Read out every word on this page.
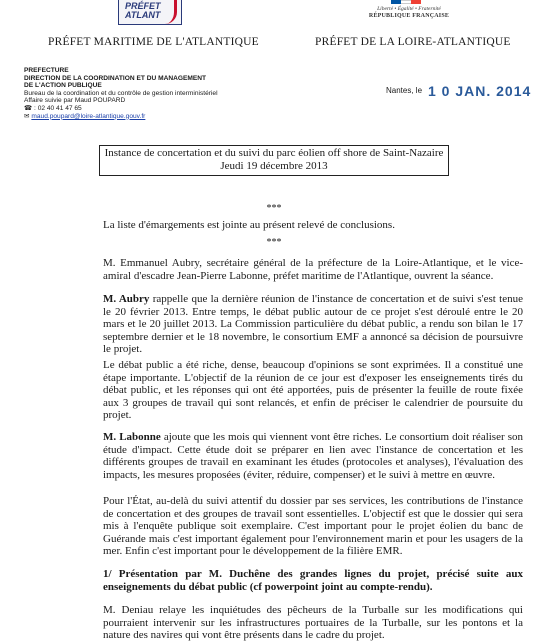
PRÉFET ATLANT
Liberté • Égalité • Fraternité
RÉPUBLIQUE FRANÇAISE
PRÉFET MARITIME DE L'ATLANTIQUE	PRÉFET DE LA LOIRE-ATLANTIQUE
PREFECTURE
DIRECTION DE LA COORDINATION ET DU MANAGEMENT
DE L'ACTION PUBLIQUE
Bureau de la coordination et du contrôle de gestion interministériel
Affaire suivie par Maud POUPARD
☎ : 02 40 41 47 65
✉ maud.poupard@loire-atlantique.gouv.fr
Nantes, le 1 0 JAN. 2014
Instance de concertation et du suivi du parc éolien off shore de Saint-Nazaire
Jeudi 19 décembre 2013
***
La liste d'émargements est jointe au présent relevé de conclusions.
***
M. Emmanuel Aubry, secrétaire général de la préfecture de la Loire-Atlantique, et le vice-amiral d'escadre Jean-Pierre Labonne, préfet maritime de l'Atlantique, ouvrent la séance.
M. Aubry rappelle que la dernière réunion de l'instance de concertation et de suivi s'est tenue le 20 février 2013. Entre temps, le débat public autour de ce projet s'est déroulé entre le 20 mars et le 20 juillet 2013. La Commission particulière du débat public, a rendu son bilan le 17 septembre dernier et le 18 novembre, le consortium EMF a annoncé sa décision de poursuivre le projet.
Le débat public a été riche, dense, beaucoup d'opinions se sont exprimées. Il a constitué une étape importante. L'objectif de la réunion de ce jour est d'exposer les enseignements tirés du débat public, et les réponses qui ont été apportées, puis de présenter la feuille de route fixée aux 3 groupes de travail qui sont relancés, et enfin de préciser le calendrier de poursuite du projet.
M. Labonne ajoute que les mois qui viennent vont être riches. Le consortium doit réaliser son étude d'impact. Cette étude doit se préparer en lien avec l'instance de concertation et les différents groupes de travail en examinant les études (protocoles et analyses), l'évaluation des impacts, les mesures proposées (éviter, réduire, compenser) et le suivi à mettre en œuvre.
Pour l'État, au-delà du suivi attentif du dossier par ses services, les contributions de l'instance de concertation et des groupes de travail sont essentielles. L'objectif est que le dossier qui sera mis à l'enquête publique soit exemplaire. C'est important pour le projet éolien du banc de Guérande mais c'est important également pour l'environnement marin et pour les usagers de la mer. Enfin c'est important pour le développement de la filière EMR.
1/ Présentation par M. Duchêne des grandes lignes du projet, précisé suite aux enseignements du débat public (cf powerpoint joint au compte-rendu).
M. Deniau relaye les inquiétudes des pêcheurs de la Turballe sur les modifications qui pourraient intervenir sur les infrastructures portuaires de la Turballe, sur les pontons et la nature des navires qui vont être présents dans le cadre du projet.
